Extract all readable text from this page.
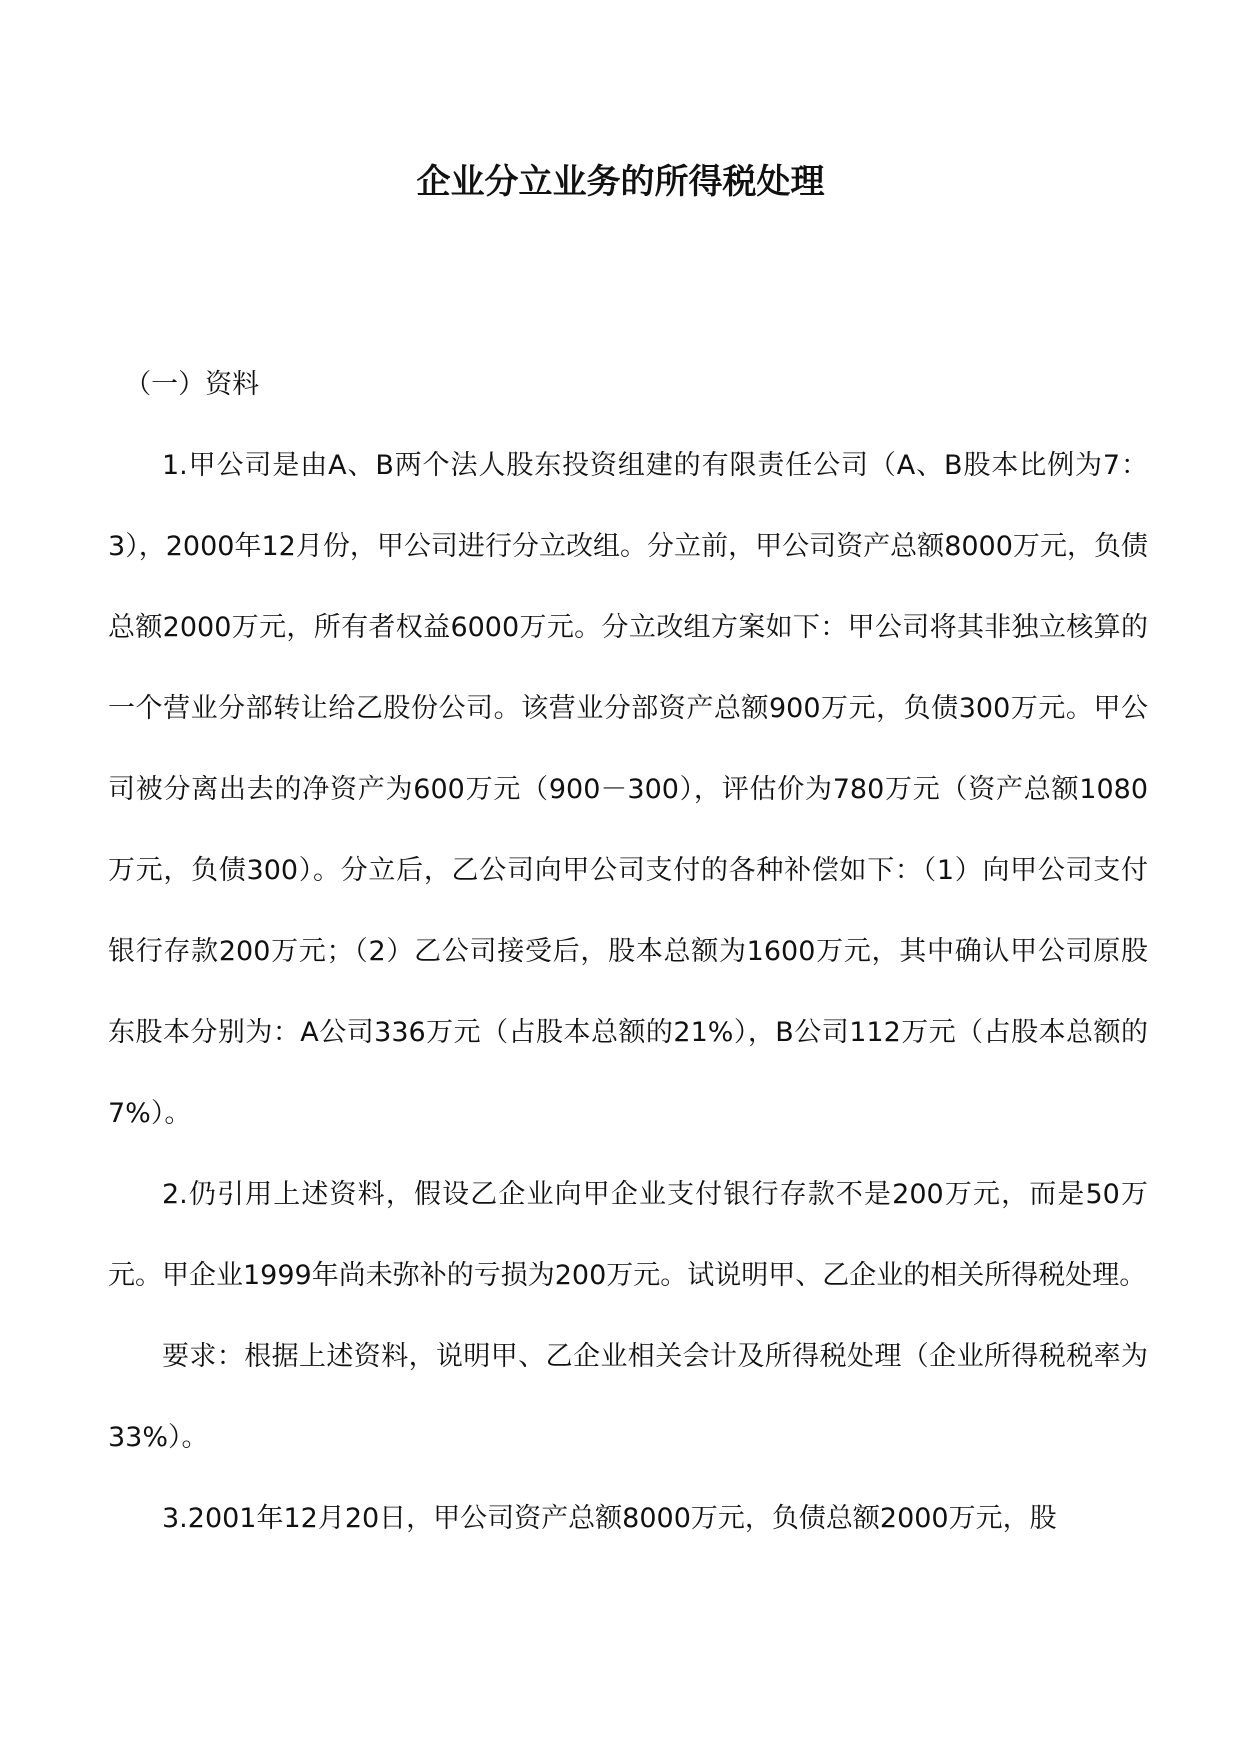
企业分立业务的所得税处理

（一）资料

1.甲公司是由A、B两个法人股东投资组建的有限责任公司（A、B股本比例为7：3），2000年12月份，甲公司进行分立改组。分立前，甲公司资产总额8000万元，负债总额2000万元，所有者权益6000万元。分立改组方案如下：甲公司将其非独立核算的一个营业分部转让给乙股份公司。该营业分部资产总额900万元，负债300万元。甲公司被分离出去的净资产为600万元（900－300），评估价为780万元（资产总额1080万元，负债300）。分立后，乙公司向甲公司支付的各种补偿如下：（1）向甲公司支付银行存款200万元；（2）乙公司接受后，股本总额为1600万元，其中确认甲公司原股东股本分别为：A公司336万元（占股本总额的21%），B公司112万元（占股本总额的7%）。

2.仍引用上述资料，假设乙企业向甲企业支付银行存款不是200万元，而是50万元。甲企业1999年尚未弥补的亏损为200万元。试说明甲、乙企业的相关所得税处理。

要求：根据上述资料，说明甲、乙企业相关会计及所得税处理（企业所得税税率为33%）。

3.2001年12月20日，甲公司资产总额8000万元，负债总额2000万元，股
